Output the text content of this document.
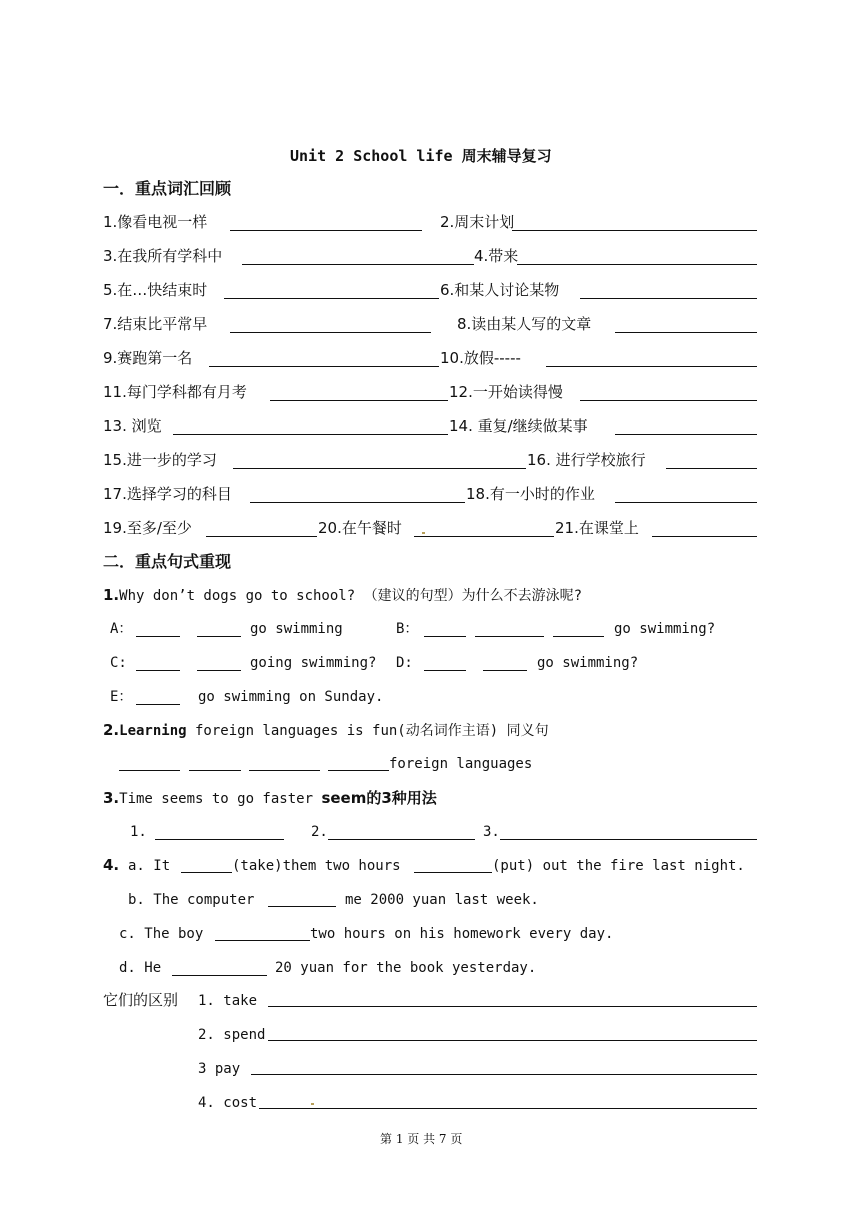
Unit 2 School life 周末辅导复习
一．重点词汇回顾
1.像看电视一样	2.周末计划
3.在我所有学科中	4.带来
5.在…快结束时	6.和某人讨论某物
7.结束比平常早	8.读由某人写的文章
9.赛跑第一名	10.放假-----
11.每门学科都有月考	12.一开始读得慢
13. 浏览	14. 重复/继续做某事
15.进一步的学习	16. 进行学校旅行
17.选择学习的科目	18.有一小时的作业
19.至多/至少	20.在午餐时	21.在课堂上
二．重点句式重现
1.Why don’t dogs go to school? （建议的句型）为什么不去游泳呢?
A：	go swimming	B：	go swimming?
C:	going swimming? D:	go swimming?
E：	go swimming on Sunday.
2.Learning foreign languages is fun(动名词作主语) 同义句
foreign languages
3.Time seems to go faster seem的3种用法
1.	2.	3.
4. a. It	(take)them two hours	(put) out the fire last night.
b. The computer	me 2000 yuan last week.
c. The boy	two hours on his homework every day.
d. He	20 yuan for the book yesterday.
它们的区别 1. take
2. spend
3 pay
4. cost
第 1 页 共 7 页
